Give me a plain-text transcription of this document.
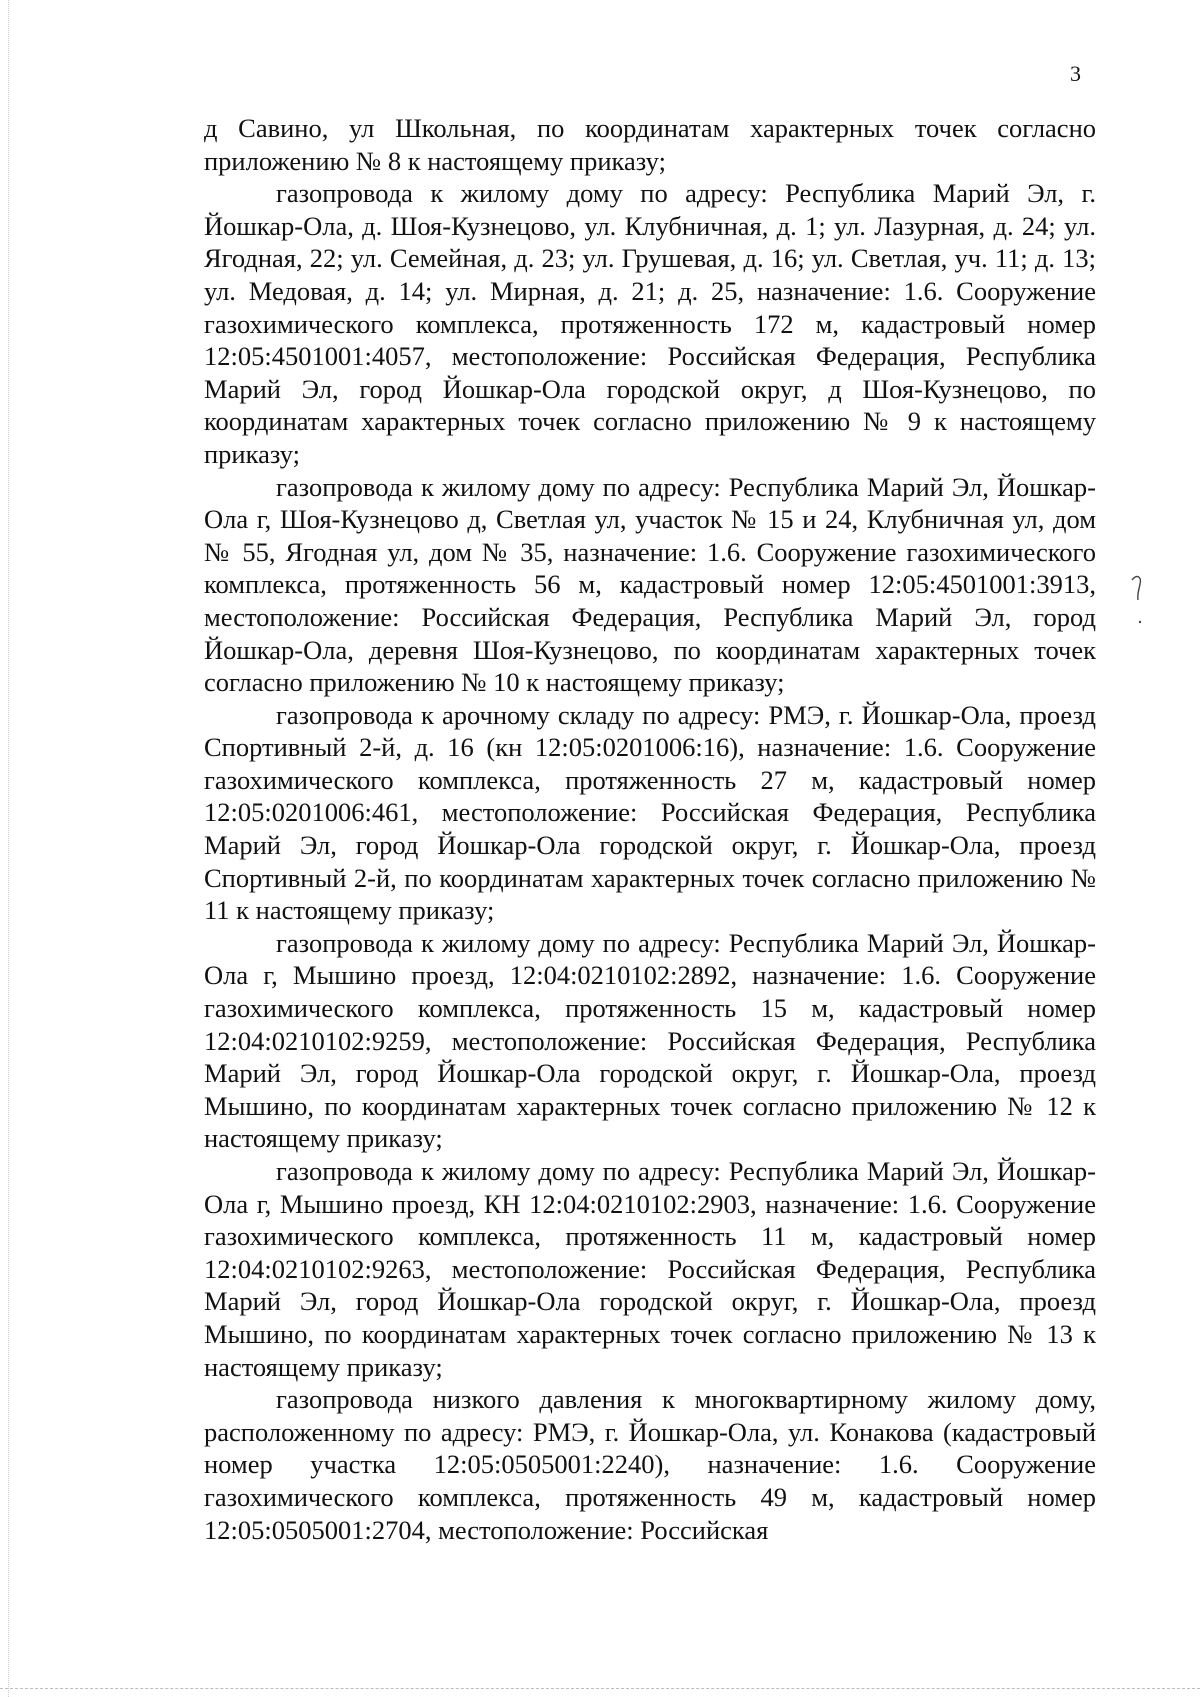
3

д Савино, ул Школьная, по координатам характерных точек согласно приложению № 8 к настоящему приказу;

газопровода к жилому дому по адресу: Республика Марий Эл, г. Йошкар-Ола, д. Шоя-Кузнецово, ул. Клубничная, д. 1; ул. Лазурная, д. 24; ул. Ягодная, 22; ул. Семейная, д. 23; ул. Грушевая, д. 16; ул. Светлая, уч. 11; д. 13; ул. Медовая, д. 14; ул. Мирная, д. 21; д. 25, назначение: 1.6. Сооружение газохимического комплекса, протяженность 172 м, кадастровый номер 12:05:4501001:4057, местоположение: Российская Федерация, Республика Марий Эл, город Йошкар-Ола городской округ, д Шоя-Кузнецово, по координатам характерных точек согласно приложению № 9 к настоящему приказу;

газопровода к жилому дому по адресу: Республика Марий Эл, Йошкар-Ола г, Шоя-Кузнецово д, Светлая ул, участок № 15 и 24, Клубничная ул, дом № 55, Ягодная ул, дом № 35, назначение: 1.6. Сооружение газохимического комплекса, протяженность 56 м, кадастровый номер 12:05:4501001:3913, местоположение: Российская Федерация, Республика Марий Эл, город Йошкар-Ола, деревня Шоя-Кузнецово, по координатам характерных точек согласно приложению № 10 к настоящему приказу;

газопровода к арочному складу по адресу: РМЭ, г. Йошкар-Ола, проезд Спортивный 2-й, д. 16 (кн 12:05:0201006:16), назначение: 1.6. Сооружение газохимического комплекса, протяженность 27 м, кадастровый номер 12:05:0201006:461, местоположение: Российская Федерация, Республика Марий Эл, город Йошкар-Ола городской округ, г. Йошкар-Ола, проезд Спортивный 2-й, по координатам характерных точек согласно приложению № 11 к настоящему приказу;

газопровода к жилому дому по адресу: Республика Марий Эл, Йошкар-Ола г, Мышино проезд, 12:04:0210102:2892, назначение: 1.6. Сооружение газохимического комплекса, протяженность 15 м, кадастровый номер 12:04:0210102:9259, местоположение: Российская Федерация, Республика Марий Эл, город Йошкар-Ола городской округ, г. Йошкар-Ола, проезд Мышино, по координатам характерных точек согласно приложению № 12 к настоящему приказу;

газопровода к жилому дому по адресу: Республика Марий Эл, Йошкар-Ола г, Мышино проезд, КН 12:04:0210102:2903, назначение: 1.6. Сооружение газохимического комплекса, протяженность 11 м, кадастровый номер 12:04:0210102:9263, местоположение: Российская Федерация, Республика Марий Эл, город Йошкар-Ола городской округ, г. Йошкар-Ола, проезд Мышино, по координатам характерных точек согласно приложению № 13 к настоящему приказу;

газопровода низкого давления к многоквартирному жилому дому, расположенному по адресу: РМЭ, г. Йошкар-Ола, ул. Конакова (кадастровый номер участка 12:05:0505001:2240), назначение: 1.6. Сооружение газохимического комплекса, протяженность 49 м, кадастровый номер 12:05:0505001:2704, местоположение: Российская
